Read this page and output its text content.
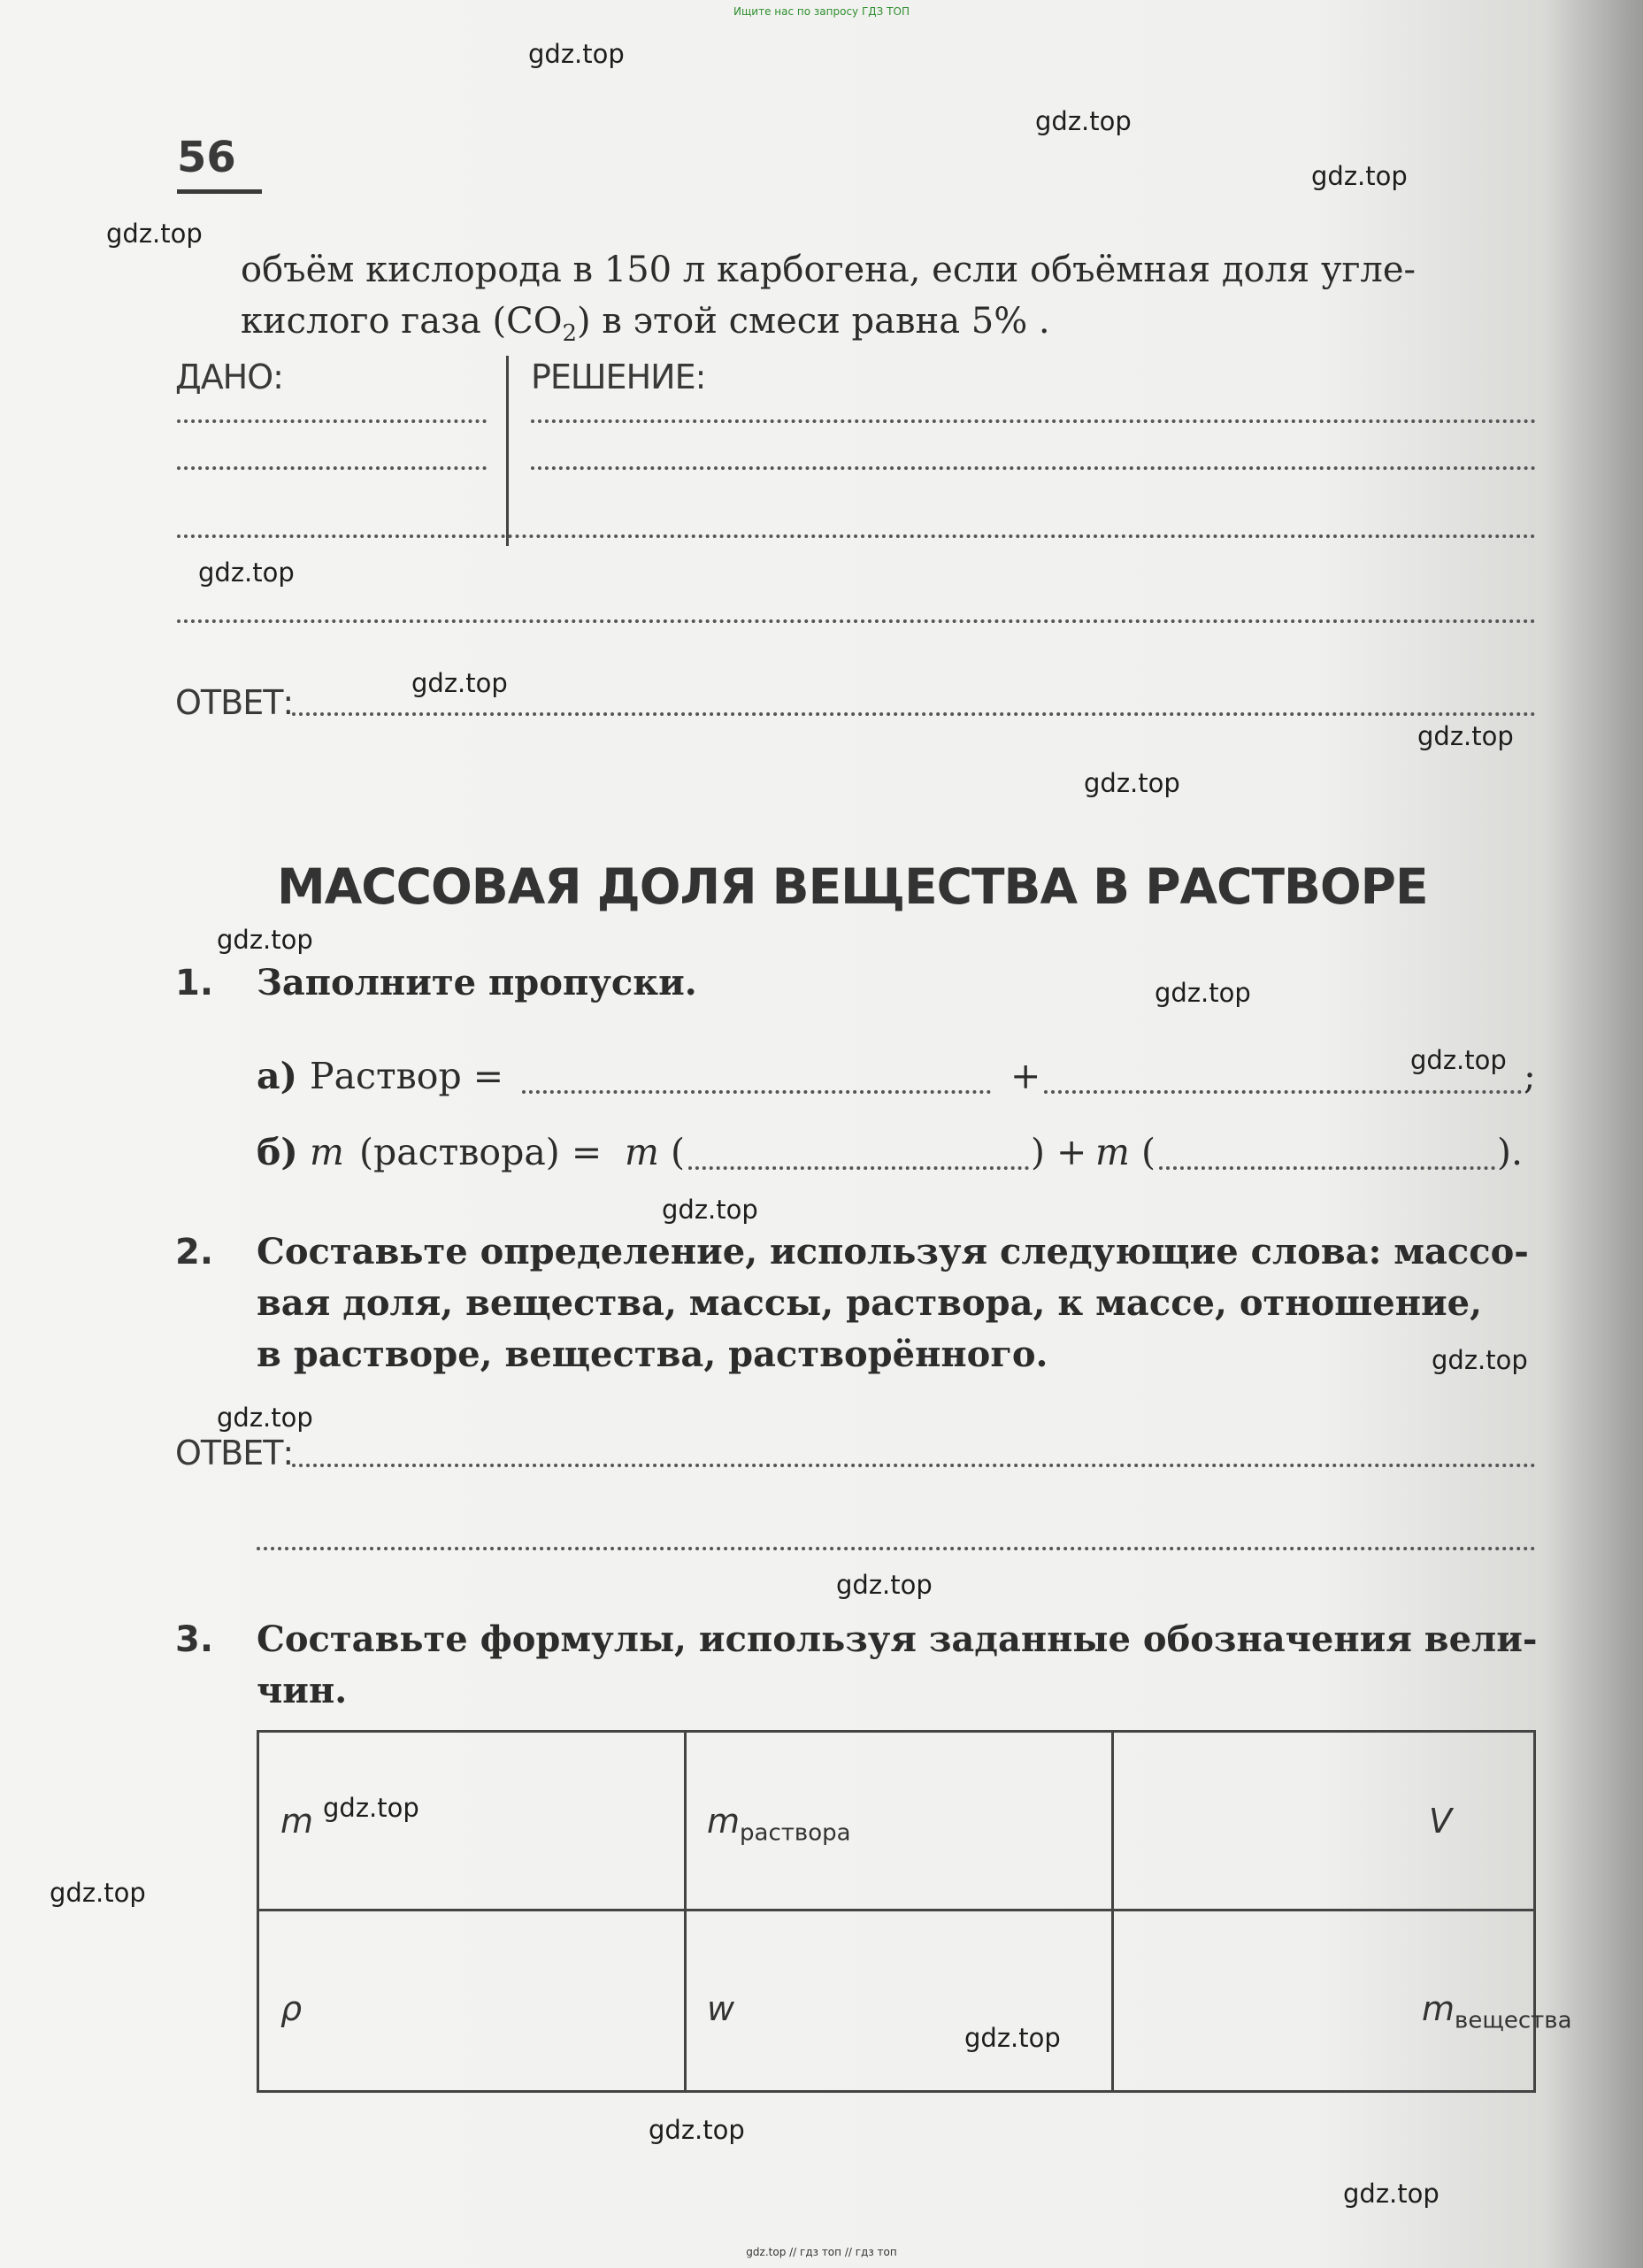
Ищите нас по запросу ГДЗ ТОП
gdz.top
gdz.top
gdz.top
gdz.top
gdz.top
gdz.top
gdz.top
gdz.top
gdz.top
gdz.top
gdz.top
gdz.top
gdz.top
gdz.top
gdz.top
gdz.top
gdz.top
gdz.top
gdz.top
gdz.top
56
объём кислорода в 150 л карбогена, если объёмная доля угле-
кислого газа $(CO_2)$ в этой смеси равна 5% .
ДАНО:	РЕШЕНИЕ:
ОТВЕТ:
МАССОВАЯ ДОЛЯ ВЕЩЕСТВА В РАСТВОРЕ
1. Заполните пропуски.
а) Раствор =	+	;
б) m (раствора) = m (	) + m (	).
2. Составьте определение, используя следующие слова: массо-
вая доля, вещества, массы, раствора, к массе, отношение,
в растворе, вещества, растворённого.
ОТВЕТ:
3. Составьте формулы, используя заданные обозначения вели-
чин.
m	$m_{раствора}$	V
ρ	w	$m_{вещества}$
gdz.top // гдз топ // гдз топ
